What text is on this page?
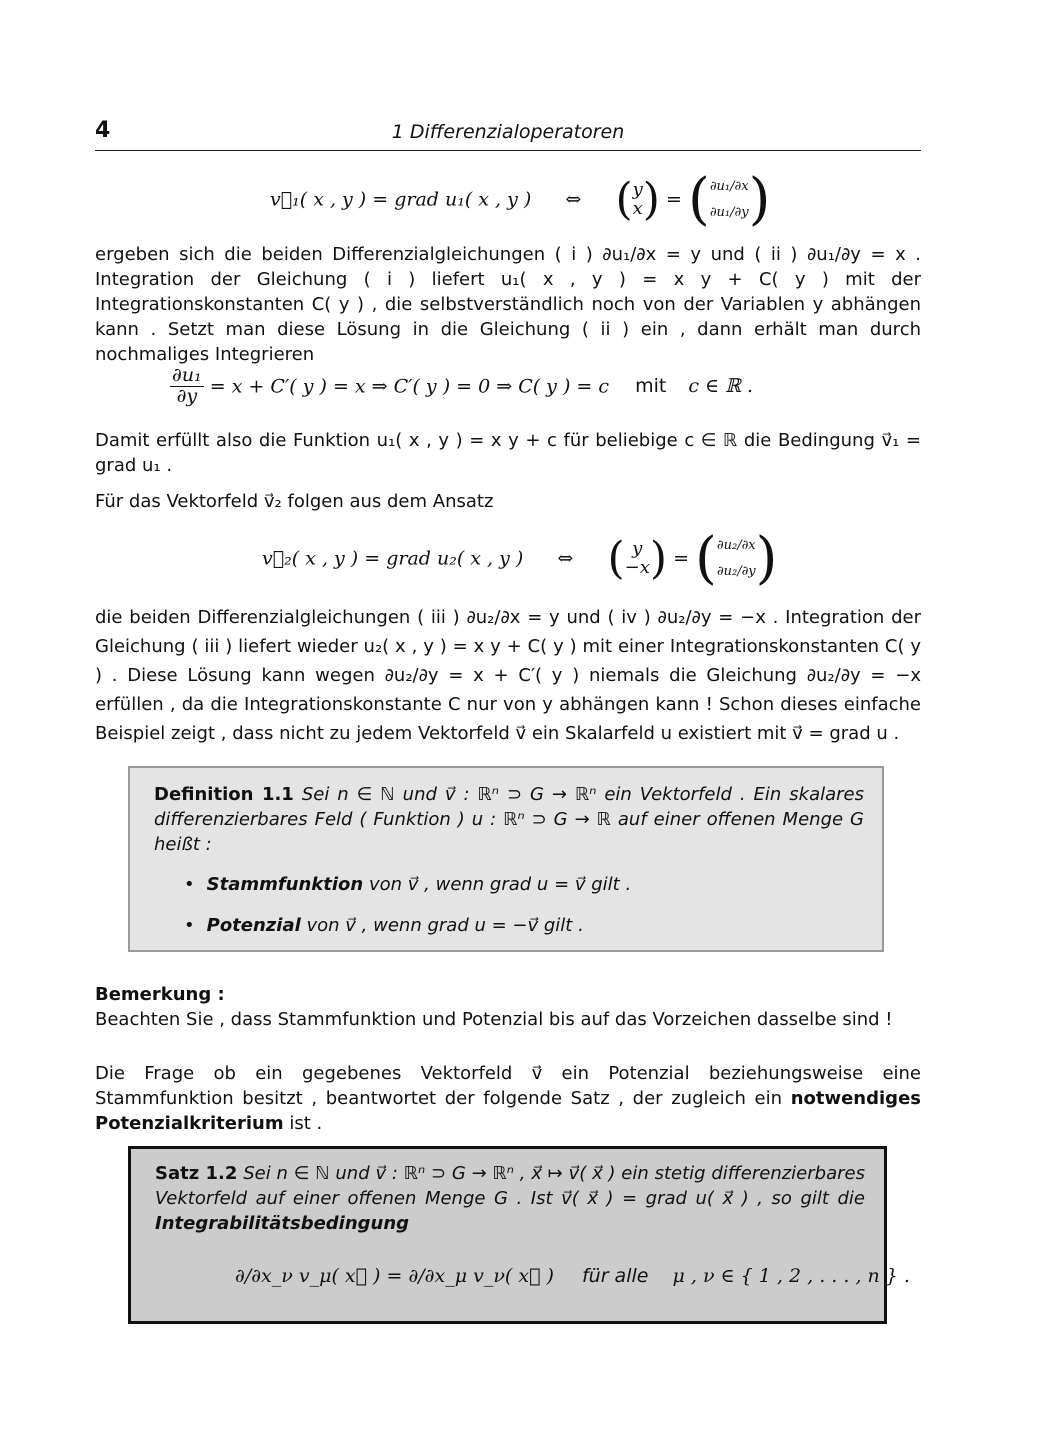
4	1 Differenzialoperatoren
v⃗₁( x , y ) = grad u₁( x , y ) ⇔ ( y
x ) = ( ∂u₁/∂x
∂u₁/∂y )

ergeben sich die beiden Differenzialgleichungen ( i ) ∂u₁/∂x = y und ( ii ) ∂u₁/∂y = x . Integration der Gleichung ( i ) liefert u₁( x , y ) = x y + C( y ) mit der Integrationskonstanten C( y ) , die selbstverständlich noch von der Variablen y abhängen kann . Setzt man diese Lösung in die Gleichung ( ii ) ein , dann erhält man durch nochmaliges Integrieren

$\frac{\text{∂u₁}}{\partial y} = x + C'$( y ) = x ⇒ C′( y ) = 0 ⇒ C( y ) = c mit c ∈ ℝ .

Damit erfüllt also die Funktion u₁( x , y ) = x y + c für beliebige c ∈ ℝ die Bedingung v⃗₁ = grad u₁ .

Für das Vektorfeld v⃗₂ folgen aus dem Ansatz

v⃗₂( x , y ) = grad u₂( x , y ) ⇔ ( y
−x ) = ( ∂u₂/∂x
∂u₂/∂y )

die beiden Differenzialgleichungen ( iii ) ∂u₂/∂x = y und ( iv ) ∂u₂/∂y = −x . Integration der Gleichung ( iii ) liefert wieder u₂( x , y ) = x y + C( y ) mit einer Integrationskonstanten C( y ) . Diese Lösung kann wegen ∂u₂/∂y = x + C′( y ) niemals die Gleichung ∂u₂/∂y = −x erfüllen , da die Integrationskonstante C nur von y abhängen kann ! Schon dieses einfache Beispiel zeigt , dass nicht zu jedem Vektorfeld v⃗ ein Skalarfeld u existiert mit v⃗ = grad u .

Definition 1.1 Sei n ∈ ℕ und v⃗ : ℝⁿ ⊃ G → ℝⁿ ein Vektorfeld . Ein skalares differenzierbares Feld ( Funktion ) u : ℝⁿ ⊃ G → ℝ auf einer offenen Menge G heißt :
• Stammfunktion von v⃗ , wenn grad u = v⃗ gilt .
• Potenzial von v⃗ , wenn grad u = −v⃗ gilt .
Bemerkung :
Beachten Sie , dass Stammfunktion und Potenzial bis auf das Vorzeichen dasselbe sind !

Die Frage ob ein gegebenes Vektorfeld v⃗ ein Potenzial beziehungsweise eine Stammfunktion besitzt , beantwortet der folgende Satz , der zugleich ein notwendiges Potenzialkriterium ist .

Satz 1.2 Sei n ∈ ℕ und v⃗ : ℝⁿ ⊃ G → ℝⁿ , x⃗ ↦ v⃗( x⃗ ) ein stetig differenzierbares Vektorfeld auf einer offenen Menge G . Ist v⃗( x⃗ ) = grad u( x⃗ ) , so gilt die Integrabilitätsbedingung
∂/∂x_ν v_μ( x⃗ ) = ∂/∂x_μ v_ν( x⃗ ) für alle μ , ν ∈ { 1 , 2 , . . . , n } .
